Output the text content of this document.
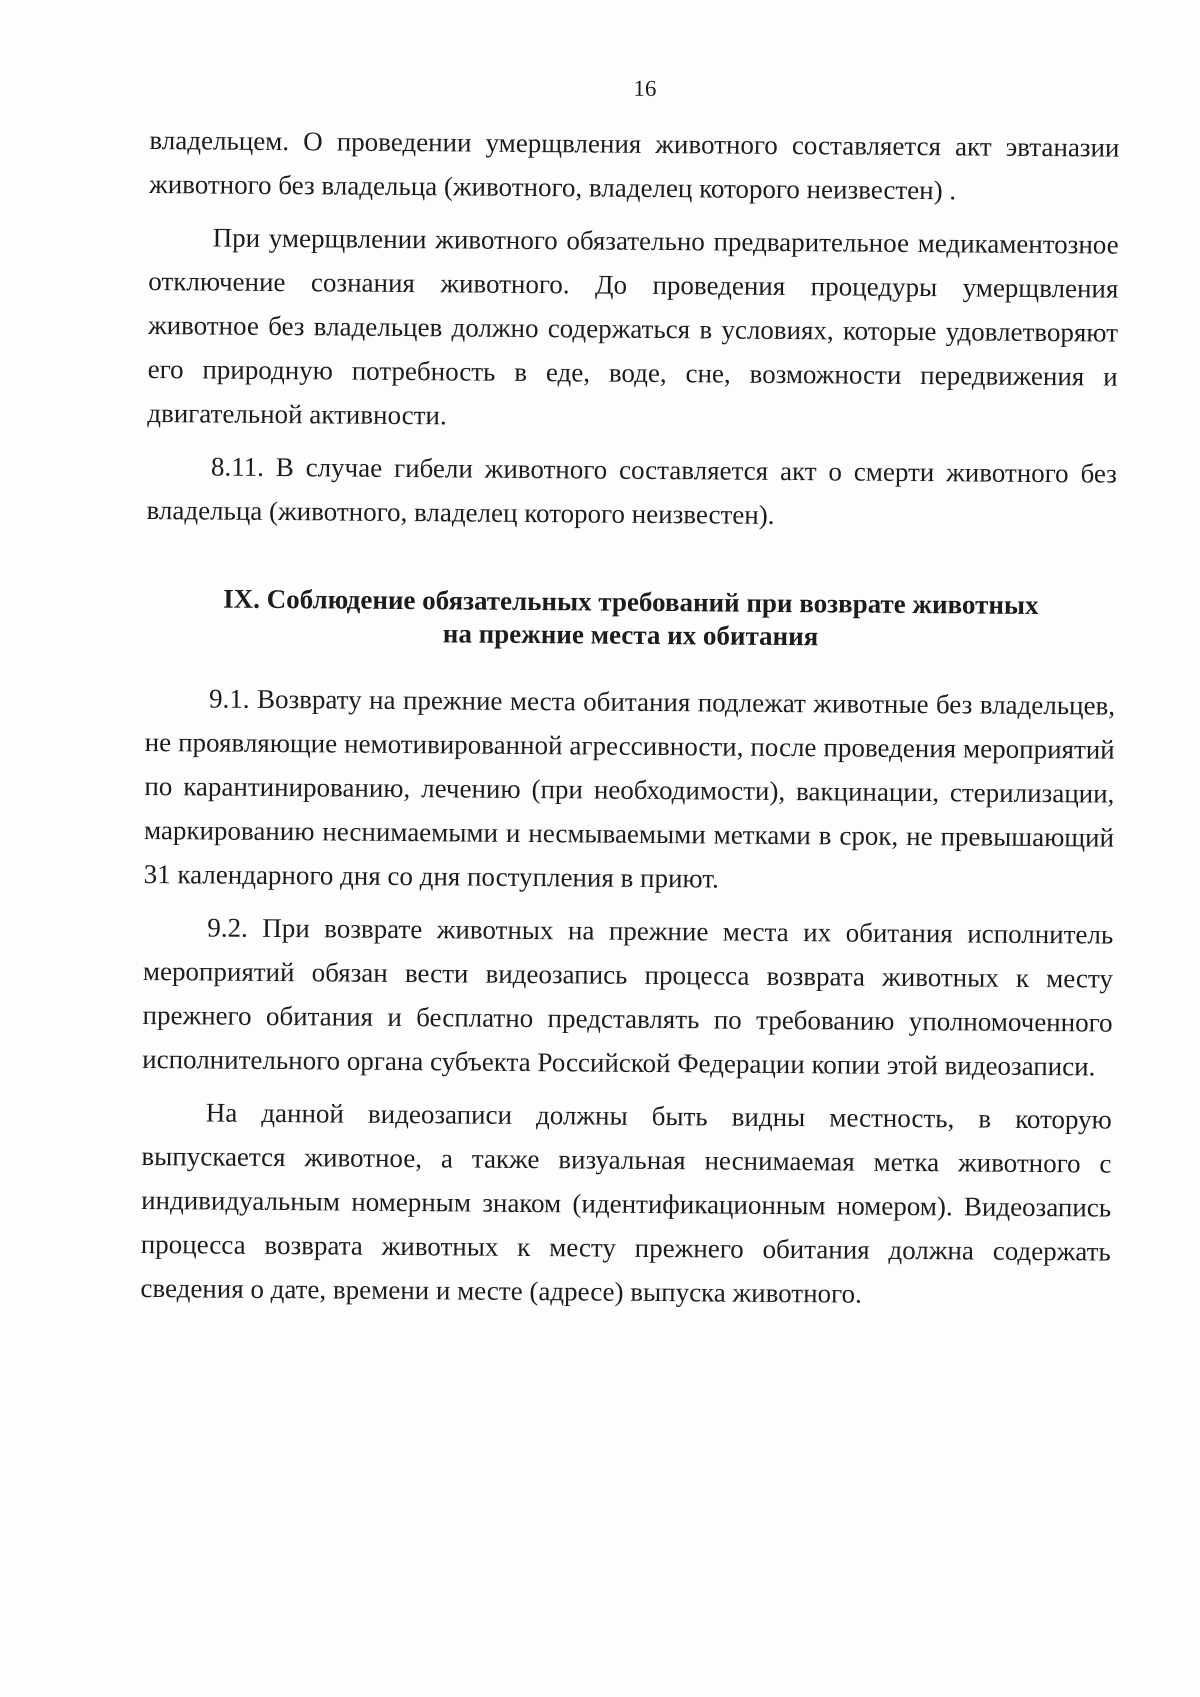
16

владельцем. О проведении умерщвления животного составляется акт эвтаназии животного без владельца (животного, владелец которого неизвестен) .

При умерщвлении животного обязательно предварительное медикаментозное отключение сознания животного. До проведения процедуры умерщвления животное без владельцев должно содержаться в условиях, которые удовлетворяют его природную потребность в еде, воде, сне, возможности передвижения и двигательной активности.

8.11. В случае гибели животного составляется акт о смерти животного без владельца (животного, владелец которого неизвестен).

IX. Соблюдение обязательных требований при возврате животных
на прежние места их обитания

9.1. Возврату на прежние места обитания подлежат животные без владельцев, не проявляющие немотивированной агрессивности, после проведения мероприятий по карантинированию, лечению (при необходимости), вакцинации, стерилизации, маркированию неснимаемыми и несмываемыми метками в срок, не превышающий 31 календарного дня со дня поступления в приют.

9.2. При возврате животных на прежние места их обитания исполнитель мероприятий обязан вести видеозапись процесса возврата животных к месту прежнего обитания и бесплатно представлять по требованию уполномоченного исполнительного органа субъекта Российской Федерации копии этой видеозаписи.

На данной видеозаписи должны быть видны местность, в которую выпускается животное, а также визуальная неснимаемая метка животного с индивидуальным номерным знаком (идентификационным номером). Видеозапись процесса возврата животных к месту прежнего обитания должна содержать сведения о дате, времени и месте (адресе) выпуска животного.
